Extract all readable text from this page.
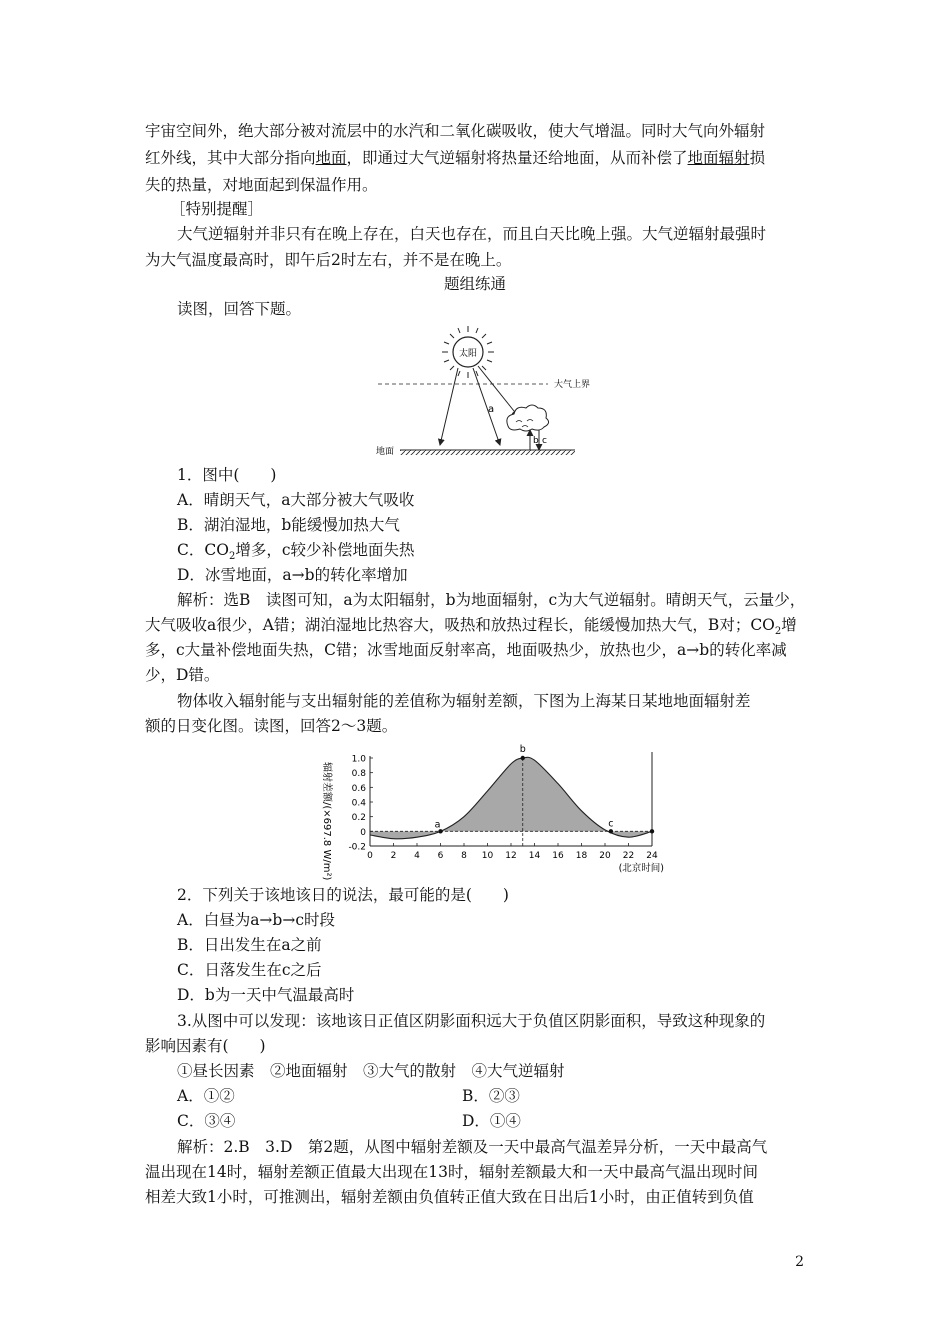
宇宙空间外，绝大部分被对流层中的水汽和二氧化碳吸收，使大气增温。同时大气向外辐射
红外线，其中大部分指向地面，即通过大气逆辐射将热量还给地面，从而补偿了地面辐射损
失的热量，对地面起到保温作用。
［特别提醒］
大气逆辐射并非只有在晚上存在，白天也存在，而且白天比晚上强。大气逆辐射最强时
为大气温度最高时，即午后2时左右，并不是在晚上。
题组练通
读图，回答下题。
太阳
大气上界
a
b c
地面
1．图中(　　)
A．晴朗天气，a大部分被大气吸收
B．湖泊湿地，b能缓慢加热大气
C．$CO_2$增多，c较少补偿地面失热
D．冰雪地面，a→b的转化率增加
解析：选B　读图可知，a为太阳辐射，b为地面辐射，c为大气逆辐射。晴朗天气，云量少，
大气吸收a很少，A错；湖泊湿地比热容大，吸热和放热过程长，能缓慢加热大气，B对；$CO_2$增
多，c大量补偿地面失热，C错；冰雪地面反射率高，地面吸热少，放热也少，a→b的转化率减
少，D错。
物体收入辐射能与支出辐射能的差值称为辐射差额，下图为上海某日某地地面辐射差
额的日变化图。读图，回答2～3题。
辐射差额/(×697.8 W/m²)
1.0
0.8
0.6
0.4
0.2
0
-0.2
0 2 4 6 8 10 12 14 16 18 20 22 24
a
b
c
(北京时间)
2．下列关于该地该日的说法，最可能的是(　　)
A．白昼为a→b→c时段
B．日出发生在a之前
C．日落发生在c之后
D．b为一天中气温最高时
3.从图中可以发现：该地该日正值区阴影面积远大于负值区阴影面积，导致这种现象的
影响因素有(　　)
①昼长因素　②地面辐射　③大气的散射　④大气逆辐射
A．①②	B．②③
C．③④	D．①④
解析：2.B　3.D　第2题，从图中辐射差额及一天中最高气温差异分析，一天中最高气
温出现在14时，辐射差额正值最大出现在13时，辐射差额最大和一天中最高气温出现时间
相差大致1小时，可推测出，辐射差额由负值转正值大致在日出后1小时，由正值转到负值
2
